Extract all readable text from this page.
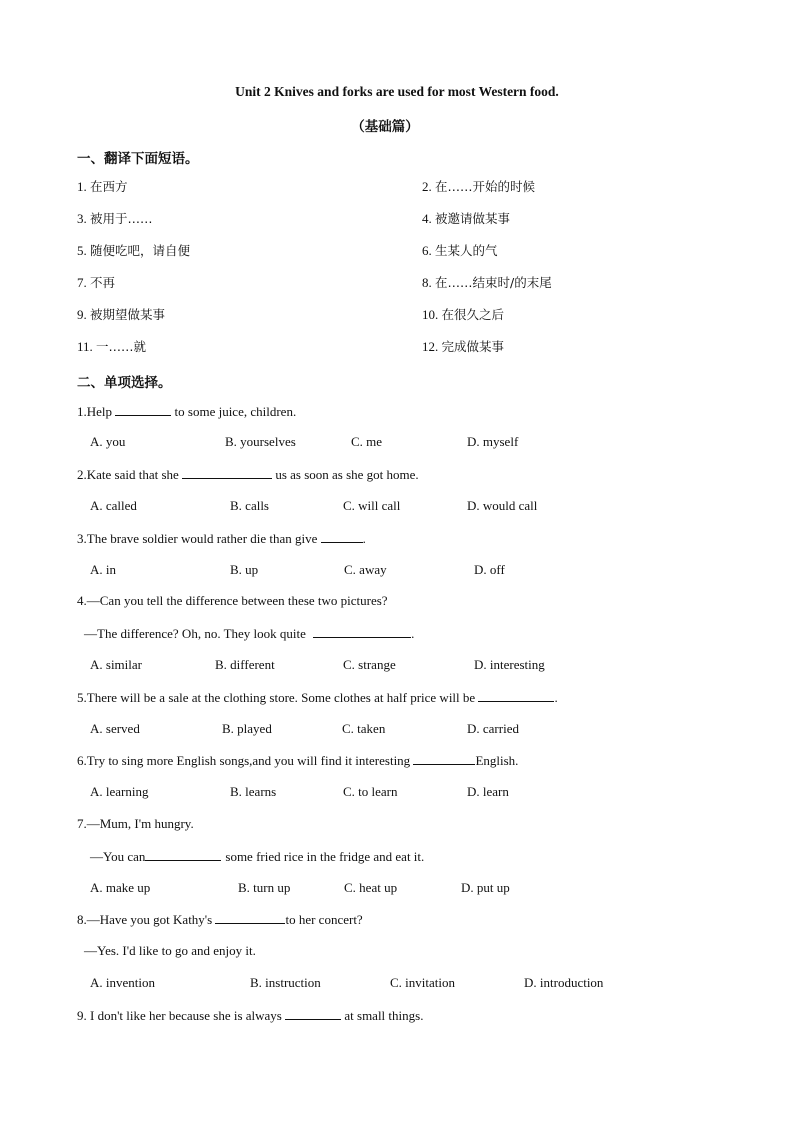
Unit 2 Knives and forks are used for most Western food.
（基础篇）
一、翻译下面短语。
1. 在西方	2. 在……开始的时候
3. 被用于……	4. 被邀请做某事
5. 随便吃吧，请自便	6. 生某人的气
7. 不再	8. 在……结束时/的末尾
9. 被期望做某事	10. 在很久之后
11. 一……就	12. 完成做某事
二、单项选择。
1.Help	to some juice, children.
A. you	B. yourselves	C. me	D. myself
2.Kate said that she	us as soon as she got home.
A. called	B. calls	C. will call	D. would call
3.The brave soldier would rather die than give	.
A. in	B. up	C. away	D. off
4.—Can you tell the difference between these two pictures?
—The difference? Oh, no. They look quite	.
A. similar	B. different	C. strange	D. interesting
5.There will be a sale at the clothing store. Some clothes at half price will be	.
A. served	B. played	C. taken	D. carried
6.Try to sing more English songs,and you will find it interesting	English.
A. learning	B. learns	C. to learn	D. learn
7.—Mum, I'm hungry.
—You can	some fried rice in the fridge and eat it.
A. make up	B. turn up	C. heat up	D. put up
8.—Have you got Kathy's	to her concert?
—Yes. I'd like to go and enjoy it.
A. invention	B. instruction	C. invitation	D. introduction
9. I don't like her because she is always	at small things.
